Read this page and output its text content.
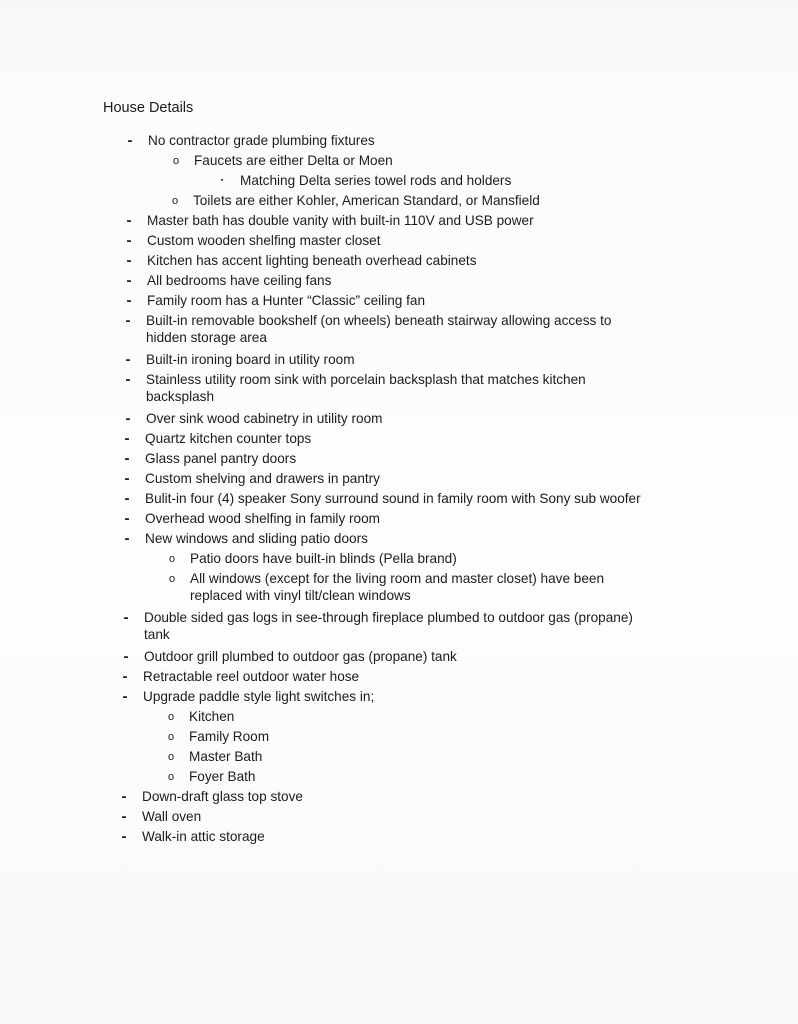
House Details
- No contractor grade plumbing fixtures
o Faucets are either Delta or Moen
▪	Matching Delta series towel rods and holders
o Toilets are either Kohler, American Standard, or Mansfield
- Master bath has double vanity with built-in 110V and USB power
- Custom wooden shelfing master closet
- Kitchen has accent lighting beneath overhead cabinets
- All bedrooms have ceiling fans
- Family room has a Hunter “Classic” ceiling fan
- Built-in removable bookshelf (on wheels) beneath stairway allowing access to
hidden storage area
- Built-in ironing board in utility room
- Stainless utility room sink with porcelain backsplash that matches kitchen
backsplash
- Over sink wood cabinetry in utility room
- Quartz kitchen counter tops
- Glass panel pantry doors
- Custom shelving and drawers in pantry
- Bulit-in four (4) speaker Sony surround sound in family room with Sony sub woofer
- Overhead wood shelfing in family room
- New windows and sliding patio doors
o Patio doors have built-in blinds (Pella brand)
o All windows (except for the living room and master closet) have been
replaced with vinyl tilt/clean windows
- Double sided gas logs in see-through fireplace plumbed to outdoor gas (propane)
tank
- Outdoor grill plumbed to outdoor gas (propane) tank
- Retractable reel outdoor water hose
- Upgrade paddle style light switches in;
o Kitchen
o Family Room
o Master Bath
o Foyer Bath
- Down-draft glass top stove
- Wall oven
- Walk-in attic storage
